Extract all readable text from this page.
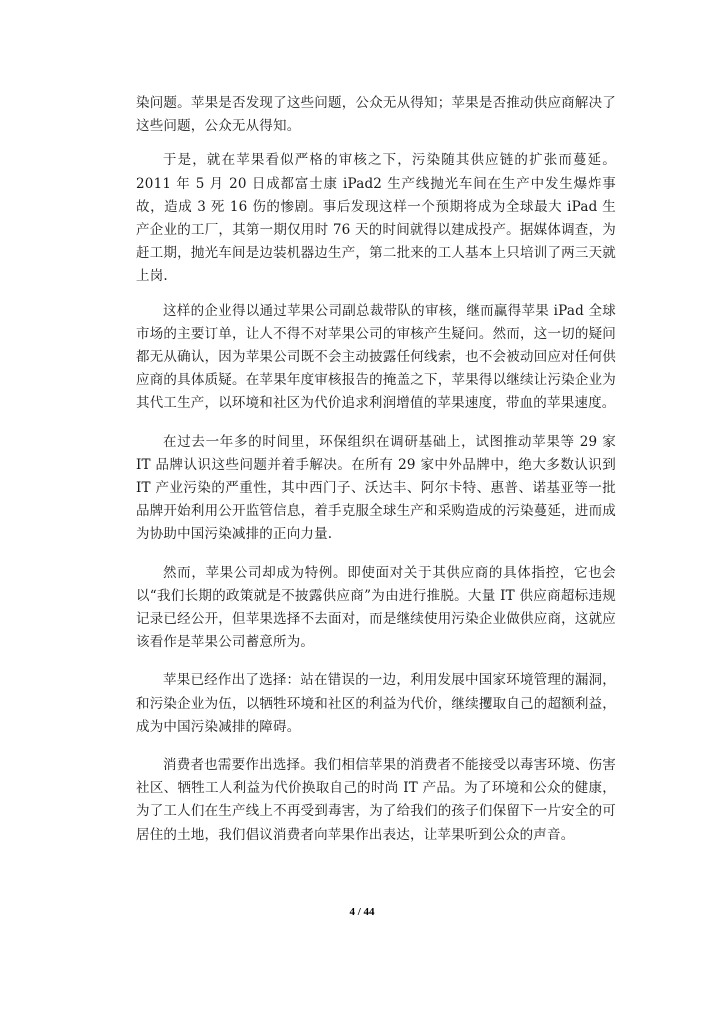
染问题。苹果是否发现了这些问题，公众无从得知；苹果是否推动供应商解决了这些问题，公众无从得知。

于是，就在苹果看似严格的审核之下，污染随其供应链的扩张而蔓延。2011 年 5 月 20 日成都富士康 iPad2 生产线抛光车间在生产中发生爆炸事故，造成 3 死 16 伤的惨剧。事后发现这样一个预期将成为全球最大 iPad 生产企业的工厂，其第一期仅用时 76 天的时间就得以建成投产。据媒体调查，为赶工期，抛光车间是边装机器边生产，第二批来的工人基本上只培训了两三天就上岗.

这样的企业得以通过苹果公司副总裁带队的审核，继而赢得苹果 iPad 全球市场的主要订单，让人不得不对苹果公司的审核产生疑问。然而，这一切的疑问都无从确认，因为苹果公司既不会主动披露任何线索，也不会被动回应对任何供应商的具体质疑。在苹果年度审核报告的掩盖之下，苹果得以继续让污染企业为其代工生产，以环境和社区为代价追求利润增值的苹果速度，带血的苹果速度。

在过去一年多的时间里，环保组织在调研基础上，试图推动苹果等 29 家 IT 品牌认识这些问题并着手解决。在所有 29 家中外品牌中，绝大多数认识到 IT 产业污染的严重性，其中西门子、沃达丰、阿尔卡特、惠普、诺基亚等一批品牌开始利用公开监管信息，着手克服全球生产和采购造成的污染蔓延，进而成为协助中国污染减排的正向力量.

然而，苹果公司却成为特例。即使面对关于其供应商的具体指控，它也会以“我们长期的政策就是不披露供应商”为由进行推脱。大量 IT 供应商超标违规记录已经公开，但苹果选择不去面对，而是继续使用污染企业做供应商，这就应该看作是苹果公司蓄意所为。

苹果已经作出了选择：站在错误的一边，利用发展中国家环境管理的漏洞，和污染企业为伍，以牺牲环境和社区的利益为代价，继续攫取自己的超额利益，成为中国污染减排的障碍。

消费者也需要作出选择。我们相信苹果的消费者不能接受以毒害环境、伤害社区、牺牲工人利益为代价换取自己的时尚 IT 产品。为了环境和公众的健康，为了工人们在生产线上不再受到毒害，为了给我们的孩子们保留下一片安全的可居住的土地，我们倡议消费者向苹果作出表达，让苹果听到公众的声音。

4 / 44
